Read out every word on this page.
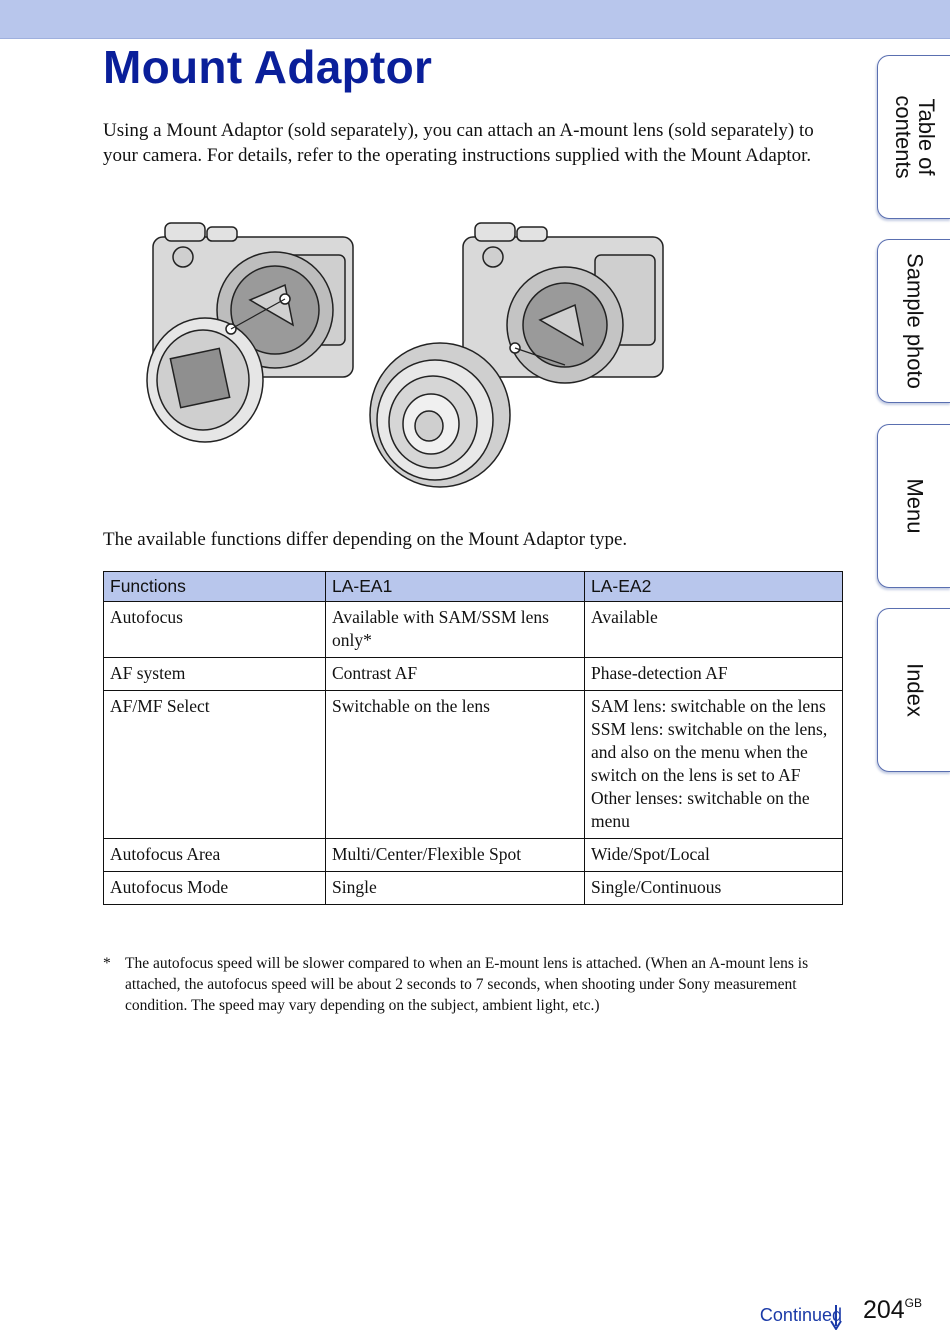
Mount Adaptor

Using a Mount Adaptor (sold separately), you can attach an A-mount lens (sold separately) to your camera. For details, refer to the operating instructions supplied with the Mount Adaptor.

The available functions differ depending on the Mount Adaptor type.

Functions	LA-EA1	LA-EA2
Autofocus	Available with SAM/SSM lens only*	Available
AF system	Contrast AF	Phase-detection AF
AF/MF Select	Switchable on the lens	SAM lens: switchable on the lens
SSM lens: switchable on the lens, and also on the menu when the switch on the lens is set to AF
Other lenses: switchable on the menu

Autofocus Area	Multi/Center/Flexible Spot	Wide/Spot/Local
Autofocus Mode	Single	Single/Continuous
* The autofocus speed will be slower compared to when an E-mount lens is attached. (When an A-mount lens is attached, the autofocus speed will be about 2 seconds to 7 seconds, when shooting under Sony measurement condition. The speed may vary depending on the subject, ambient light, etc.)
Table of
contents
Sample photo
Menu
Index
$204^{GB}$
Continued
